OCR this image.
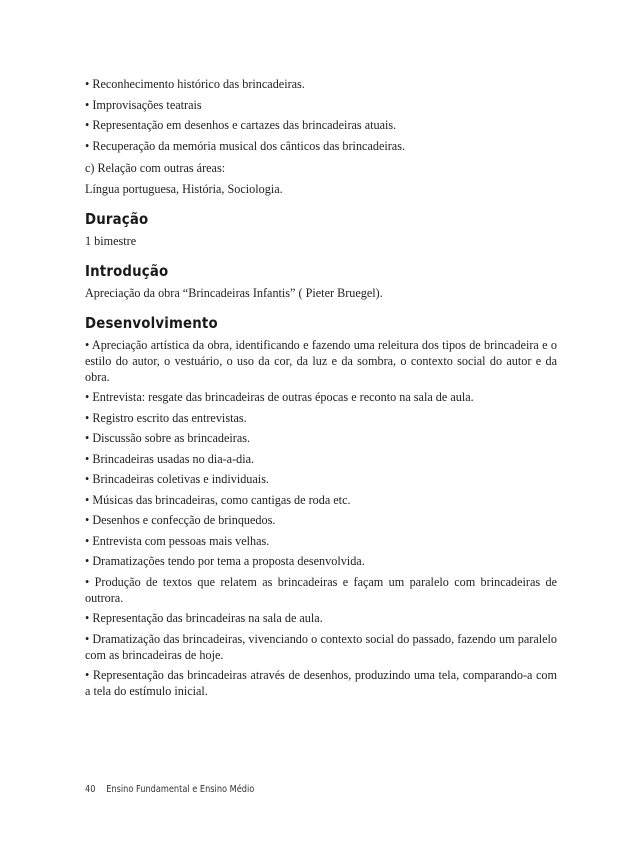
• Reconhecimento histórico das brincadeiras.

• Improvisações teatrais

• Representação em desenhos e cartazes das brincadeiras atuais.

• Recuperação da memória musical dos cânticos das brincadeiras.

c) Relação com outras áreas:

Língua portuguesa, História, Sociologia.

Duração

1 bimestre

Introdução

Apreciação da obra “Brincadeiras Infantis” ( Pieter Bruegel).

Desenvolvimento

• Apreciação artística da obra, identificando e fazendo uma releitura dos tipos de brincadeira e o estilo do autor, o vestuário, o uso da cor, da luz e da sombra, o contexto social do autor e da obra.

• Entrevista: resgate das brincadeiras de outras épocas e reconto na sala de aula.

• Registro escrito das entrevistas.

• Discussão sobre as brincadeiras.

• Brincadeiras usadas no dia-a-dia.

• Brincadeiras coletivas e individuais.

• Músicas das brincadeiras, como cantigas de roda etc.

• Desenhos e confecção de brinquedos.

• Entrevista com pessoas mais velhas.

• Dramatizações tendo por tema a proposta desenvolvida.

• Produção de textos que relatem as brincadeiras e façam um paralelo com brincadeiras de outrora.

• Representação das brincadeiras na sala de aula.

• Dramatização das brincadeiras, vivenciando o contexto social do passado, fazendo um paralelo com as brincadeiras de hoje.

• Representação das brincadeiras através de desenhos, produzindo uma tela, comparando-a com a tela do estímulo inicial.

40 Ensino Fundamental e Ensino Médio
